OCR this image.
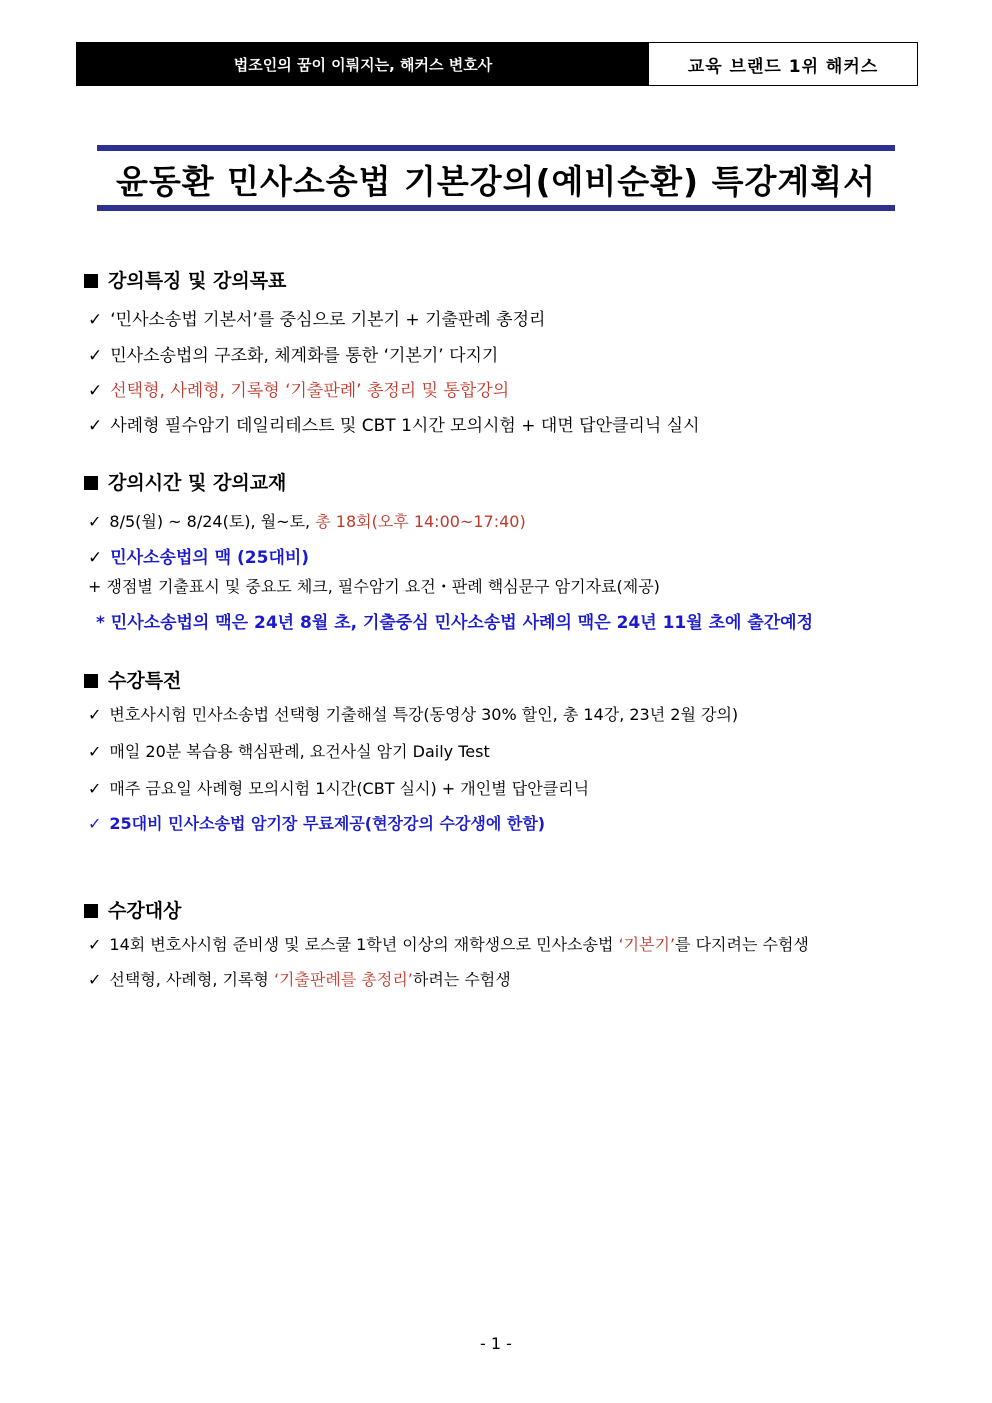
법조인의 꿈이 이뤄지는, 해커스 변호사	교육 브랜드 1위 해커스
윤동환 민사소송법 기본강의(예비순환) 특강계획서
강의특징 및 강의목표
✓ ‘민사소송법 기본서’를 중심으로 기본기 + 기출판례 총정리
✓ 민사소송법의 구조화, 체계화를 통한 ‘기본기’ 다지기
✓ 선택형, 사례형, 기록형 ‘기출판례’ 총정리 및 통합강의
✓ 사례형 필수암기 데일리테스트 및 CBT 1시간 모의시험 + 대면 답안클리닉 실시
강의시간 및 강의교재
✓ 8/5(월) ~ 8/24(토), 월~토, 총 18회(오후 14:00~17:40)
✓ 민사소송법의 맥 (25대비)
+ 쟁점별 기출표시 및 중요도 체크, 필수암기 요건・판례 핵심문구 암기자료(제공)
* 민사소송법의 맥은 24년 8월 초, 기출중심 민사소송법 사례의 맥은 24년 11월 초에 출간예정
수강특전
✓ 변호사시험 민사소송법 선택형 기출해설 특강(동영상 30% 할인, 총 14강, 23년 2월 강의)
✓ 매일 20분 복습용 핵심판례, 요건사실 암기 Daily Test
✓ 매주 금요일 사례형 모의시험 1시간(CBT 실시) + 개인별 답안클리닉
✓ 25대비 민사소송법 암기장 무료제공(현장강의 수강생에 한함)
수강대상
✓ 14회 변호사시험 준비생 및 로스쿨 1학년 이상의 재학생으로 민사소송법 ‘기본기’를 다지려는 수험생
✓ 선택형, 사례형, 기록형 ‘기출판례를 총정리’하려는 수험생
- 1 -
